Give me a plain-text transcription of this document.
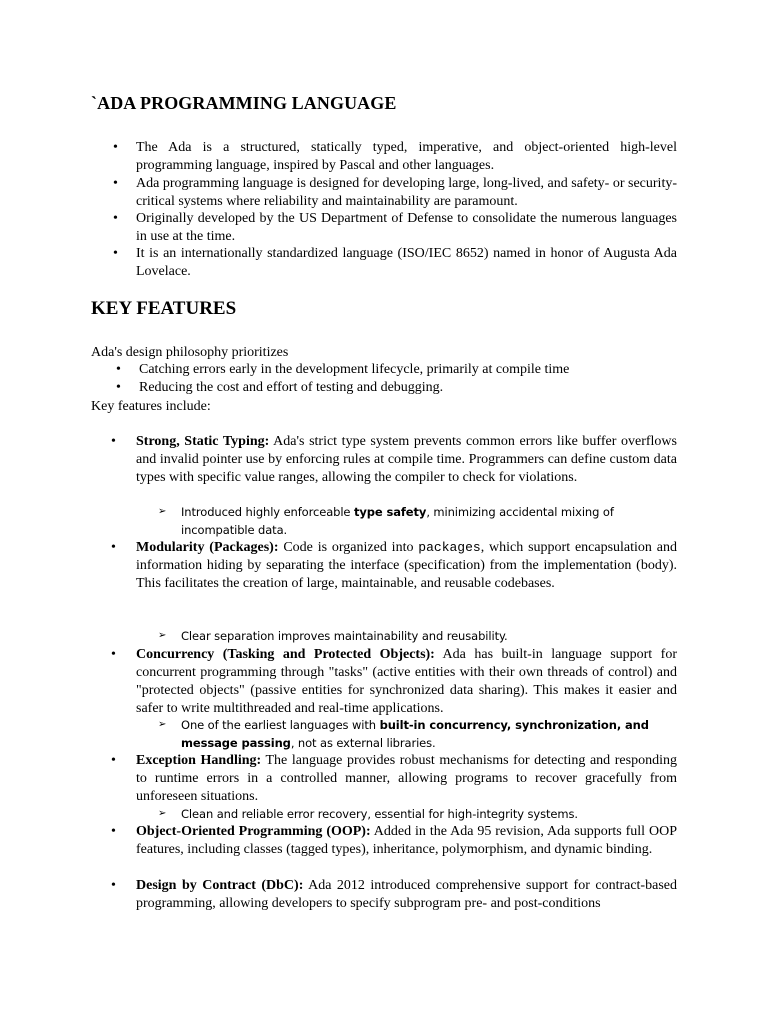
`ADA PROGRAMMING LANGUAGE
• The Ada is a structured, statically typed, imperative, and object-oriented high-level programming language, inspired by Pascal and other languages.
• Ada programming language is designed for developing large, long-lived, and safety- or security-critical systems where reliability and maintainability are paramount.
• Originally developed by the US Department of Defense to consolidate the numerous languages in use at the time.
• It is an internationally standardized language (ISO/IEC 8652) named in honor of Augusta Ada Lovelace.
KEY FEATURES
Ada's design philosophy prioritizes
• Catching errors early in the development lifecycle, primarily at compile time
• Reducing the cost and effort of testing and debugging.
Key features include:
• Strong, Static Typing: Ada's strict type system prevents common errors like buffer overflows and invalid pointer use by enforcing rules at compile time. Programmers can define custom data types with specific value ranges, allowing the compiler to check for violations.
➢ Introduced highly enforceable type safety, minimizing accidental mixing of incompatible data.
• Modularity (Packages): Code is organized into packages, which support encapsulation and information hiding by separating the interface (specification) from the implementation (body). This facilitates the creation of large, maintainable, and reusable codebases.
➢ Clear separation improves maintainability and reusability.
• Concurrency (Tasking and Protected Objects): Ada has built-in language support for concurrent programming through "tasks" (active entities with their own threads of control) and "protected objects" (passive entities for synchronized data sharing). This makes it easier and safer to write multithreaded and real-time applications.
➢ One of the earliest languages with built-in concurrency, synchronization, and message passing, not as external libraries.
• Exception Handling: The language provides robust mechanisms for detecting and responding to runtime errors in a controlled manner, allowing programs to recover gracefully from unforeseen situations.
➢ Clean and reliable error recovery, essential for high-integrity systems.
• Object-Oriented Programming (OOP): Added in the Ada 95 revision, Ada supports full OOP features, including classes (tagged types), inheritance, polymorphism, and dynamic binding.
• Design by Contract (DbC): Ada 2012 introduced comprehensive support for contract-based programming, allowing developers to specify subprogram pre- and post-conditions
